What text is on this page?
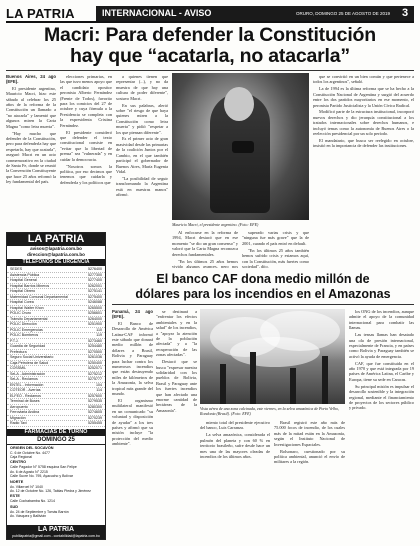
LA PATRIA	INTERNACIONAL - AVISO	ORURO, DOMINGO 25 DE AGOSTO DE 2019	3
Macri: Para defender la Constitución
hay que “acatarla, no atacarla”
Buenos Aires, 24 ago (EFE).
El presidente argentino, Mauricio Macri, hizo este sábado al celebrar los 25 años de la reforma de la Constitución un llamado a "no atacarla" y lamentó que algunos miren la Carta Magna "como letra muerta".
"Hay mucho que defender de la Constitución, pero para defenderla hay que respetarla, hay que acatarla", aseguró Macri en un acto conmemorativo en la ciudad de Santa Fe, donde se reunió la Convención Constituyente que hace 25 años reformó la ley fundamental del país.
elecciones primarias, en las que tuvo menos apoyo que el candidato opositor peronista Alberto Fernández (Frente de Todos), favorito para los comicios del 27 de octubre y cuya fórmula a la Presidencia se completa con la expresidenta Cristina Fernández.
El presidente consideró que defender el texto constitucional consiste en "evitar que la libertad de prensa" sea "vulnerada" y en cuidar la democracia.
"Nosotros somos la política, por eso decimos que tenemos que cuidarla y defenderla y los políticos que
a quienes tienen que representar (...), y no da muestra de que hay una cultura de poder diferente", sostuvo Macri.
En sus palabras, alertó sobre "el riesgo de que haya quienes miren a la Constitución como letra muerta" y pidió "respetar a los que piensan diferente".
Es el primer acto de gran masividad desde las primarias de la coalición Juntos por el Cambio, en el que también participó el gobernador de Buenos Aires, María Eugenia Vidal.
"La posibilidad de seguir transformando la Argentina está en nuestras manos" afirmó.
Mauricio Macri, el presidente argentino. (Foto: EFE)
Al enfocarse en la reforma de 1994, Macri destacó que en ese momento "se dio un gran consenso" y valoró que la Carta Magna reconozca derechos fundamentales.
"En los últimos 25 años hemos vivido algunos avances, pero nos
superado varias crisis y que "ninguna fue más grave" que la de 2001, cuando el país entró en default.
"En los últimos 25 años también hemos sufrido crisis y estamos aquí, con la Constitución, más fuertes como sociedad", dijo.
que se convirtió en un bien común y que pertenece a todos los argentinos", señaló.
La de 1994 es la última reforma que se ha hecho a la Constitución Nacional de Argentina y surgió del acuerdo entre los dos partidos mayoritarios en ese momento, el peronista Partido Justicialista y la Unión Cívica Radical.
Modificó parte de la estructura institucional, incorporó nuevos derechos y dio jerarquía constitucional a los tratados internacionales sobre derechos humanos, e incluyó temas como la autonomía de Buenos Aires o la reelección presidencial por un solo período.
El mandatario, que busca ser reelegido en octubre, insistió en la importancia de defender las instituciones.
LA PATRIA
avisos@lapatria.com.bo
direccion@lapatria.com.bo
TELÉFONOS DE URGENCIA
SEDES	5276400
Asistencia Pública	5277300
Hospital General	5277400
Hospital Barrios Mineros	5262001
Hospital Obrero	5275141
Maternidad Comunal Departamental	5275400
Hospital Corea	5246088
Hospital Walter Khon	5265500
POLIC Oruro	5256601
Tránsito Departamental	5264000
POLIC Dirección	5251900
POLIC Emergencias	110
POLIC Bomberos	119
P.T.J.	5273460
Guardia de Seguridad	5254480
Prefectura	5270500
Seguro Social Universitario	5261036
Caja Petrolera de Salud	5250400
COSSMIL	5252071
SeLA - Administración	5275212
SeLA - Reclamos	5275777
ENTEL - Información	104
COTEOR - Averías	114
ELFEO - Reclamos	5257600
Terminal de Buses	5279535
Aeropuerto	5280300
Ferroviaria Andina	5274605
Migración	5270239
Radio Taxi	5255455
FARMACIAS DE TURNO
DOMINGO 25
ORIGEN DEL SOCAVÓN
C. 6 de Octubre No. 4477
Caja Regional
CENTRO
Calle Pagador N° 5758 esquina San Felipe
Av. 6 de Agosto N° 2215
Calle Sucre No. 795, Ayacucho y Bolívar
NORTE
Av. Villarroel N° 1040
Av. 12 de Octubre No. 126, Tablas Piedra y Jiménez
ESTE
Calle Cochabamba No. 1214
SUD
Av. 24 de Septiembre y Tomás Barrón
Av. Vásquez y Ballivián
LA PATRIA
publilapatria@gmail.com - contabilidad@lapatria.com.bo
El banco CAF dona medio millón de
dólares para los incendios en el Amazonas
Panamá, 24 ago (EFE).
El Banco de Desarrollo de América Latina-CAF informó este sábado que donará medio millón de dólares a Brasil, Bolivia y Paraguay para luchar contra los numerosos incendios que están destruyendo miles de kilómetros de la Amazonía, la selva tropical más grande del mundo.
El organismo multilateral manifestó en un comunicado "su voluntad y disposición de ayudar" a los tres países y afirmó que su misión incluye "la protección del medio ambiente".
se destinará a "enfrentar los efectos ambientales y en la salud" de los incendios, a "apoyar la atención de la población afectada" y a "la recuperación de las zonas afectadas".
Destacó que se busca "expresar nuestra solidaridad con los pueblos de Bolivia, Brasil y Paraguay ante los fuertes incendios que han afectado una enorme cantidad de hectáreas de la Amazonía".	Vista aérea de una zona calcinada, este viernes, en la selva amazónica de Porto Velho, Rondonia (Brasil). (Foto: EFE)
miento total del presidente ejecutivo del banco, Luis Carranza.
La selva amazónica, considerada el pulmón del planeta y con 60 % en territorio brasileño, sufre desde hace un mes una de las mayores oleadas de incendios de los últimos años.
Brasil registró este año más de 75.000 focos de incendio, de los cuales más de la mitad están en la Amazonía, según el Instituto Nacional de Investigaciones Espaciales.
Bolsonaro, cuestionado por su política ambiental, anunció el envío de militares a la región.
los ONG de los incendios, aunque admite el apoyo de la comunidad internacional para combatir las llamas.
Las tensas llamas han desatado una ola de presión internacional, especialmente de Francia, y en países como Bolivia y Paraguay también se activó la ayuda de emergencia.
CAF, que fue constituida en el año 1970 y que está integrada por 19 países de América Latina, el Caribe y Europa, tiene su sede en Caracas.
Su principal misión es impulsar el desarrollo sostenible y la integración regional, mediante el financiamiento de proyectos de los sectores público y privado.
